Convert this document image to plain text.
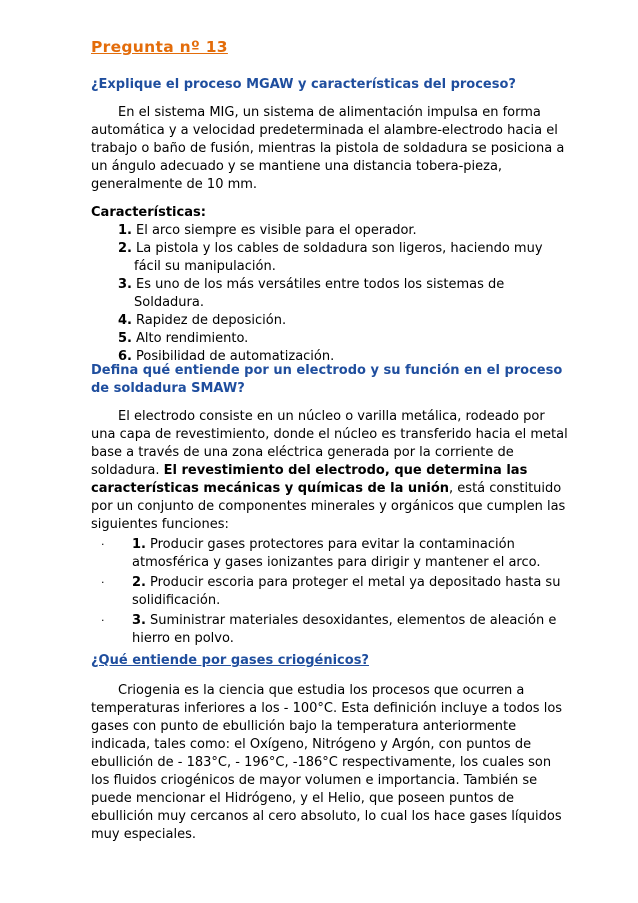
Pregunta nº 13
¿Explique el proceso MGAW y características del proceso?

En el sistema MIG, un sistema de alimentación impulsa en forma automática y a velocidad predeterminada el alambre-electrodo hacia el trabajo o baño de fusión, mientras la pistola de soldadura se posiciona a un ángulo adecuado y se mantiene una distancia tobera-pieza, generalmente de 10 mm.

Características:
1. El arco siempre es visible para el operador.
2. La pistola y los cables de soldadura son ligeros, haciendo muy fácil su manipulación.
3. Es uno de los más versátiles entre todos los sistemas de Soldadura.
4. Rapidez de deposición.
5. Alto rendimiento.
6. Posibilidad de automatización.
Defina qué entiende por un electrodo y su función en el proceso de soldadura SMAW?

El electrodo consiste en un núcleo o varilla metálica, rodeado por una capa de revestimiento, donde el núcleo es transferido hacia el metal base a través de una zona eléctrica generada por la corriente de soldadura. El revestimiento del electrodo, que determina las características mecánicas y químicas de la unión, está constituido por un conjunto de componentes minerales y orgánicos que cumplen las siguientes funciones:

· 1. Producir gases protectores para evitar la contaminación atmosférica y gases ionizantes para dirigir y mantener el arco.
· 2. Producir escoria para proteger el metal ya depositado hasta su solidificación.
· 3. Suministrar materiales desoxidantes, elementos de aleación e hierro en polvo.
¿Qué entiende por gases criogénicos?

Criogenia es la ciencia que estudia los procesos que ocurren a temperaturas inferiores a los - 100°C. Esta definición incluye a todos los gases con punto de ebullición bajo la temperatura anteriormente indicada, tales como: el Oxígeno, Nitrógeno y Argón, con puntos de ebullición de - 183°C, - 196°C, -186°C respectivamente, los cuales son los fluidos criogénicos de mayor volumen e importancia. También se puede mencionar el Hidrógeno, y el Helio, que poseen puntos de ebullición muy cercanos al cero absoluto, lo cual los hace gases líquidos muy especiales.
